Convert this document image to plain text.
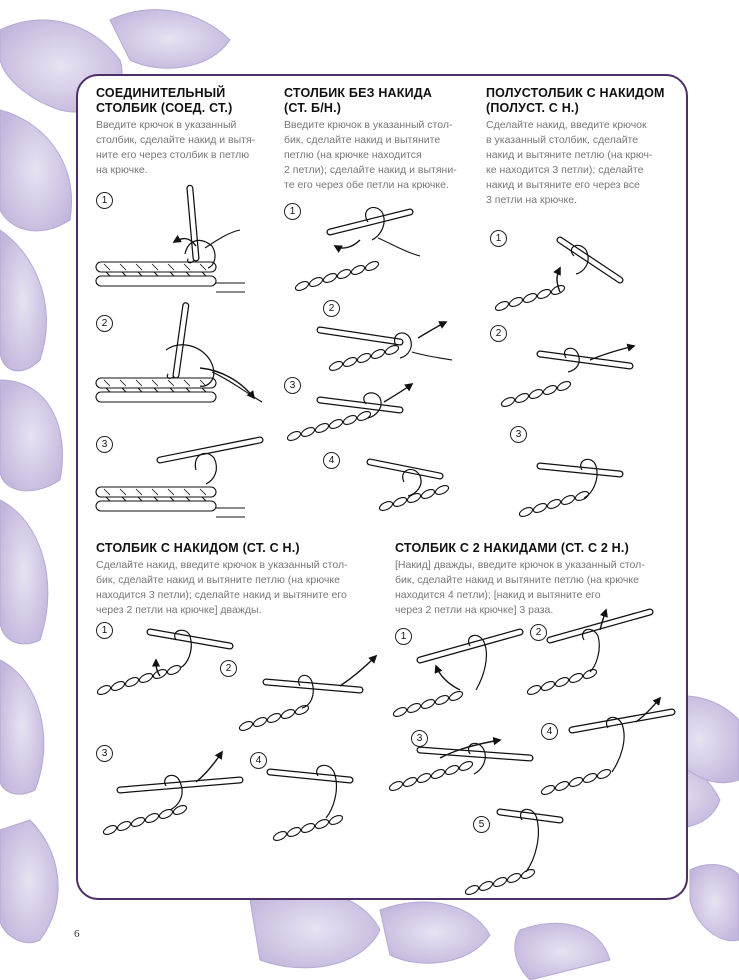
СОЕДИНИТЕЛЬНЫЙ
СТОЛБИК (СОЕД. СТ.)
Введите крючок в указанный
столбик, сделайте накид и вытя-
ните его через столбик в петлю
на крючке.
СТОЛБИК БЕЗ НАКИДА
(СТ. Б/Н.)
Введите крючок в указанный стол-
бик, сделайте накид и вытяните
петлю (на крючке находится
2 петли); сделайте накид и вытяни-
те его через обе петли на крючке.
ПОЛУСТОЛБИК С НАКИДОМ
(ПОЛУСТ. С Н.)
Сделайте накид, введите крючок
в указанный столбик, сделайте
накид и вытяните петлю (на крюч-
ке находится 3 петли); сделайте
накид и вытяните его через все
3 петли на крючке.
СТОЛБИК С НАКИДОМ (СТ. С Н.)
Сделайте накид, введите крючок в указанный стол-
бик, сделайте накид и вытяните петлю (на крючке
находится 3 петли); сделайте накид и вытяните его
через 2 петли на крючке] дважды.
СТОЛБИК С 2 НАКИДАМИ (СТ. С 2 Н.)
[Накид] дважды, введите крючок в указанный стол-
бик, сделайте накид и вытяните петлю (на крючке
находится 4 петли); [накид и вытяните его
через 2 петли на крючке] 3 раза.
1
2
3
1
2
3
4
1
2
3
1
2
3
4
1	2
3
4
5
6
